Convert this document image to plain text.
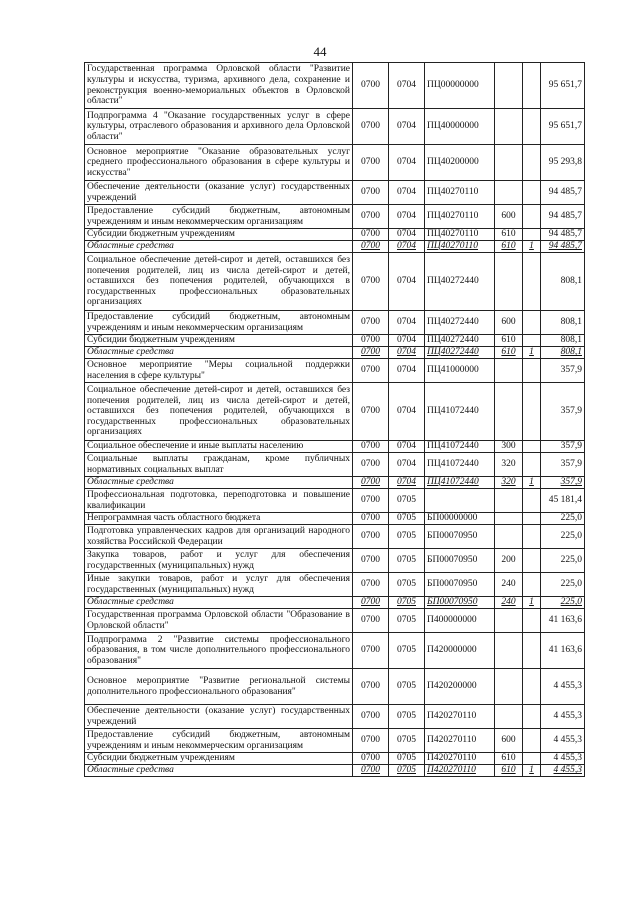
44
Государственная программа Орловской области "Развитие культуры и искусства, туризма, архивного дела, сохранение и реконструкция военно-мемориальных объектов в Орловской области"	0700	0704	ПЦ00000000			95 651,7
Подпрограмма 4 "Оказание государственных услуг в сфере культуры, отраслевого образования и архивного дела Орловской области"	0700	0704	ПЦ40000000			95 651,7
Основное мероприятие "Оказание образовательных услуг среднего профессионального образования в сфере культуры и искусства"	0700	0704	ПЦ40200000			95 293,8
Обеспечение деятельности (оказание услуг) государственных учреждений	0700	0704	ПЦ40270110			94 485,7
Предоставление субсидий бюджетным, автономным учреждениям и иным некоммерческим организациям	0700	0704	ПЦ40270110	600		94 485,7
Субсидии бюджетным учреждениям	0700	0704	ПЦ40270110	610		94 485,7
Областные средства	0700	0704	ПЦ40270110	610	1	94 485,7
Социальное обеспечение детей-сирот и детей, оставшихся без попечения родителей, лиц из числа детей-сирот и детей, оставшихся без попечения родителей, обучающихся в государственных профессиональных образовательных организациях	0700	0704	ПЦ40272440			808,1
Предоставление субсидий бюджетным, автономным учреждениям и иным некоммерческим организациям	0700	0704	ПЦ40272440	600		808,1
Субсидии бюджетным учреждениям	0700	0704	ПЦ40272440	610		808,1
Областные средства	0700	0704	ПЦ40272440	610	1	808,1
Основное мероприятие "Меры социальной поддержки населения в сфере культуры"	0700	0704	ПЦ41000000			357,9
Социальное обеспечение детей-сирот и детей, оставшихся без попечения родителей, лиц из числа детей-сирот и детей, оставшихся без попечения родителей, обучающихся в государственных профессиональных образовательных организациях	0700	0704	ПЦ41072440			357,9
Социальное обеспечение и иные выплаты населению	0700	0704	ПЦ41072440	300		357,9
Социальные выплаты гражданам, кроме публичных нормативных социальных выплат	0700	0704	ПЦ41072440	320		357,9
Областные средства	0700	0704	ПЦ41072440	320	1	357,9
Профессиональная подготовка, переподготовка и повышение квалификации	0700	0705				45 181,4
Непрограммная часть областного бюджета	0700	0705	БП00000000			225,0
Подготовка управленческих кадров для организаций народного хозяйства Российской Федерации	0700	0705	БП00070950			225,0
Закупка товаров, работ и услуг для обеспечения государственных (муниципальных) нужд	0700	0705	БП00070950	200		225,0
Иные закупки товаров, работ и услуг для обеспечения государственных (муниципальных) нужд	0700	0705	БП00070950	240		225,0
Областные средства	0700	0705	БП00070950	240	1	225,0
Государственная программа Орловской области "Образование в Орловской области"	0700	0705	П400000000			41 163,6
Подпрограмма 2 "Развитие системы профессионального образования, в том числе дополнительного профессионального образования"	0700	0705	П420000000			41 163,6
Основное мероприятие "Развитие региональной системы дополнительного профессионального образования"	0700	0705	П420200000			4 455,3
Обеспечение деятельности (оказание услуг) государственных учреждений	0700	0705	П420270110			4 455,3
Предоставление субсидий бюджетным, автономным учреждениям и иным некоммерческим организациям	0700	0705	П420270110	600		4 455,3
Субсидии бюджетным учреждениям	0700	0705	П420270110	610		4 455,3
Областные средства	0700	0705	П420270110	610	1	4 455,3
